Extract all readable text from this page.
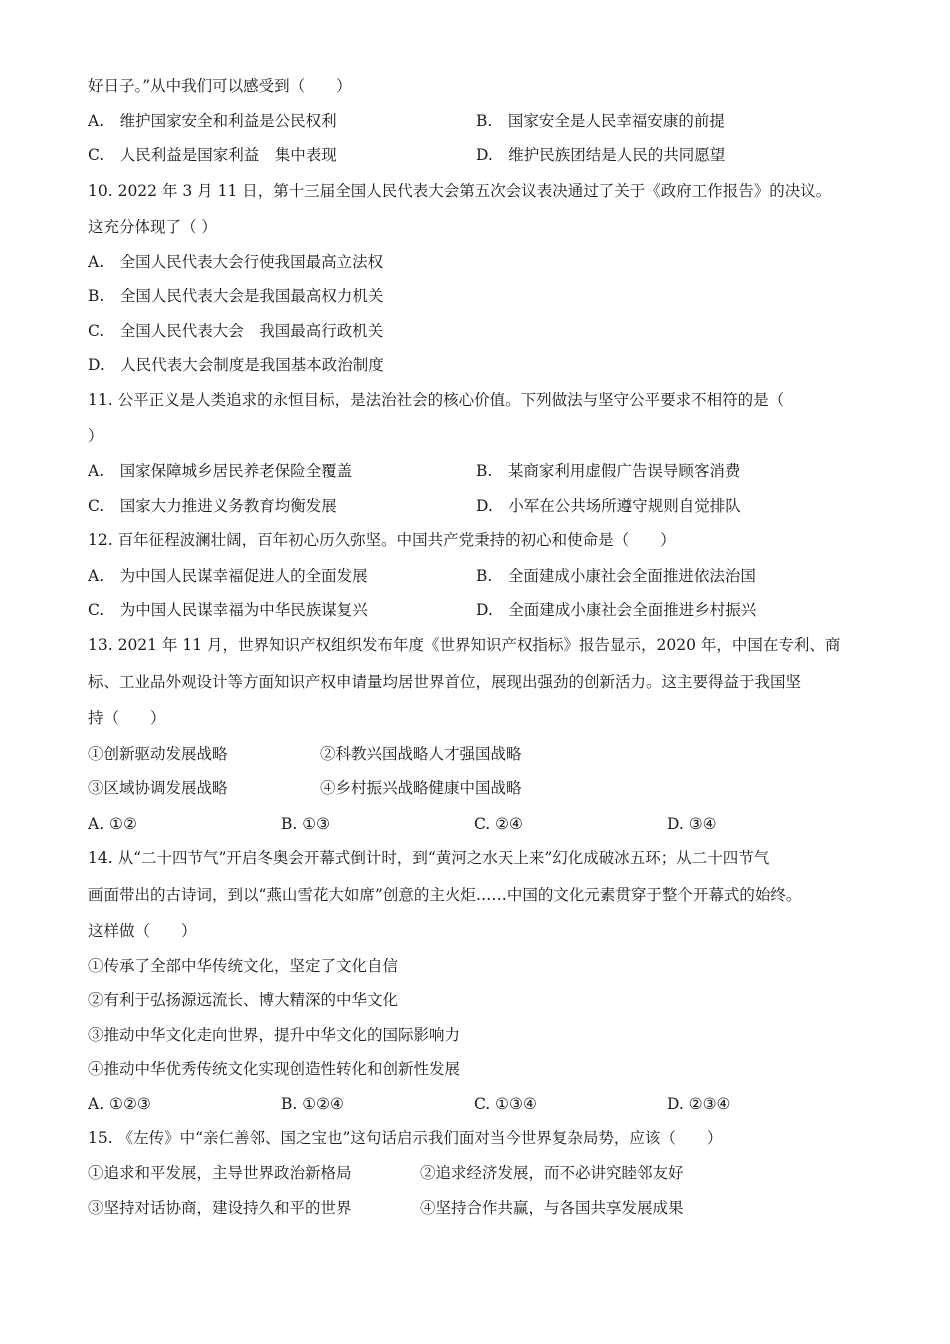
好日子。”从中我们可以感受到（　　）
A.　维护国家安全和利益是公民权利	B.　国家安全是人民幸福安康的前提
C.　人民利益是国家利益　集中表现	D.　维护民族团结是人民的共同愿望
10. 2022 年 3 月 11 日，第十三届全国人民代表大会第五次会议表决通过了关于《政府工作报告》的决议。
这充分体现了（ ）
A.　全国人民代表大会行使我国最高立法权
B.　全国人民代表大会是我国最高权力机关
C.　全国人民代表大会　我国最高行政机关
D.　人民代表大会制度是我国基本政治制度
11. 公平正义是人类追求的永恒目标，是法治社会的核心价值。下列做法与坚守公平要求不相符的是（
）
A.　国家保障城乡居民养老保险全覆盖	B.　某商家利用虚假广告误导顾客消费
C.　国家大力推进义务教育均衡发展	D.　小军在公共场所遵守规则自觉排队
12. 百年征程波澜壮阔，百年初心历久弥坚。中国共产党秉持的初心和使命是（　　）
A.　为中国人民谋幸福促进人的全面发展	B.　全面建成小康社会全面推进依法治国
C.　为中国人民谋幸福为中华民族谋复兴	D.　全面建成小康社会全面推进乡村振兴
13. 2021 年 11 月，世界知识产权组织发布年度《世界知识产权指标》报告显示，2020 年，中国在专利、商
标、工业品外观设计等方面知识产权申请量均居世界首位，展现出强劲的创新活力。这主要得益于我国坚
持（　　）
①创新驱动发展战略	②科教兴国战略人才强国战略
③区域协调发展战略	④乡村振兴战略健康中国战略
A. ①②	B. ①③	C. ②④	D. ③④
14. 从“二十四节气”开启冬奥会开幕式倒计时，到“黄河之水天上来”幻化成破冰五环；从二十四节气
画面带出的古诗词，到以“燕山雪花大如席”创意的主火炬……中国的文化元素贯穿于整个开幕式的始终。
这样做（　　）
①传承了全部中华传统文化，坚定了文化自信
②有利于弘扬源远流长、博大精深的中华文化
③推动中华文化走向世界，提升中华文化的国际影响力
④推动中华优秀传统文化实现创造性转化和创新性发展
A. ①②③	B. ①②④	C. ①③④	D. ②③④
15. 《左传》中“亲仁善邻、国之宝也”这句话启示我们面对当今世界复杂局势，应该（　　）
①追求和平发展，主导世界政治新格局	②追求经济发展，而不必讲究睦邻友好
③坚持对话协商，建设持久和平的世界	④坚持合作共赢，与各国共享发展成果
